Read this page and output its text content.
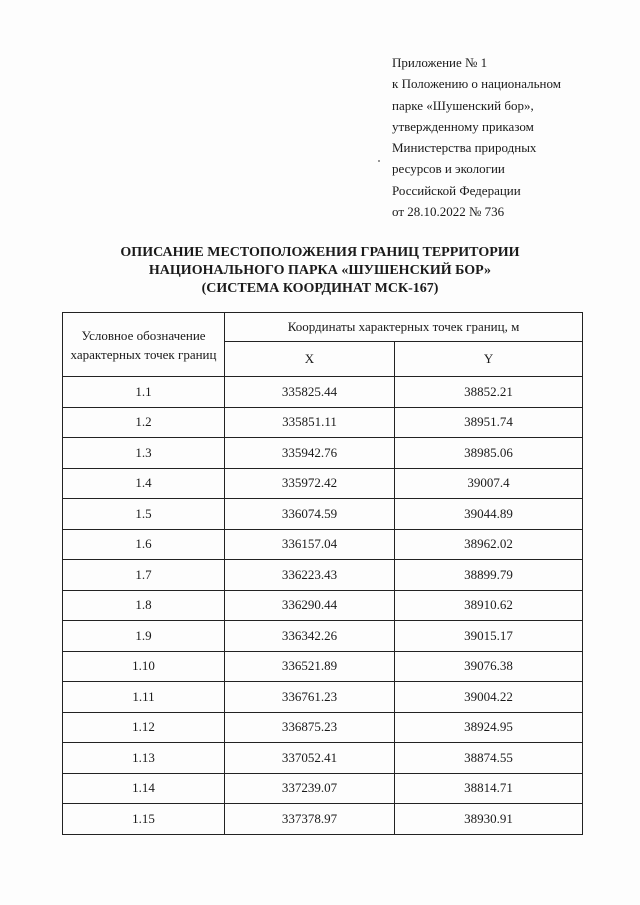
Приложение № 1
к Положению о национальном
парке «Шушенский бор»,
утвержденному приказом
Министерства природных
ресурсов и экологии
Российской Федерации
от 28.10.2022 № 736
ОПИСАНИЕ МЕСТОПОЛОЖЕНИЯ ГРАНИЦ ТЕРРИТОРИИ
НАЦИОНАЛЬНОГО ПАРКА «ШУШЕНСКИЙ БОР»
(СИСТЕМА КООРДИНАТ МСК-167)
Условное обозначение характерных точек границ	Координаты характерных точек границ, м	
	X	Y
1.1	335825.44	38852.21
1.2	335851.11	38951.74
1.3	335942.76	38985.06
1.4	335972.42	39007.4
1.5	336074.59	39044.89
1.6	336157.04	38962.02
1.7	336223.43	38899.79
1.8	336290.44	38910.62
1.9	336342.26	39015.17
1.10	336521.89	39076.38
1.11	336761.23	39004.22
1.12	336875.23	38924.95
1.13	337052.41	38874.55
1.14	337239.07	38814.71
1.15	337378.97	38930.91
